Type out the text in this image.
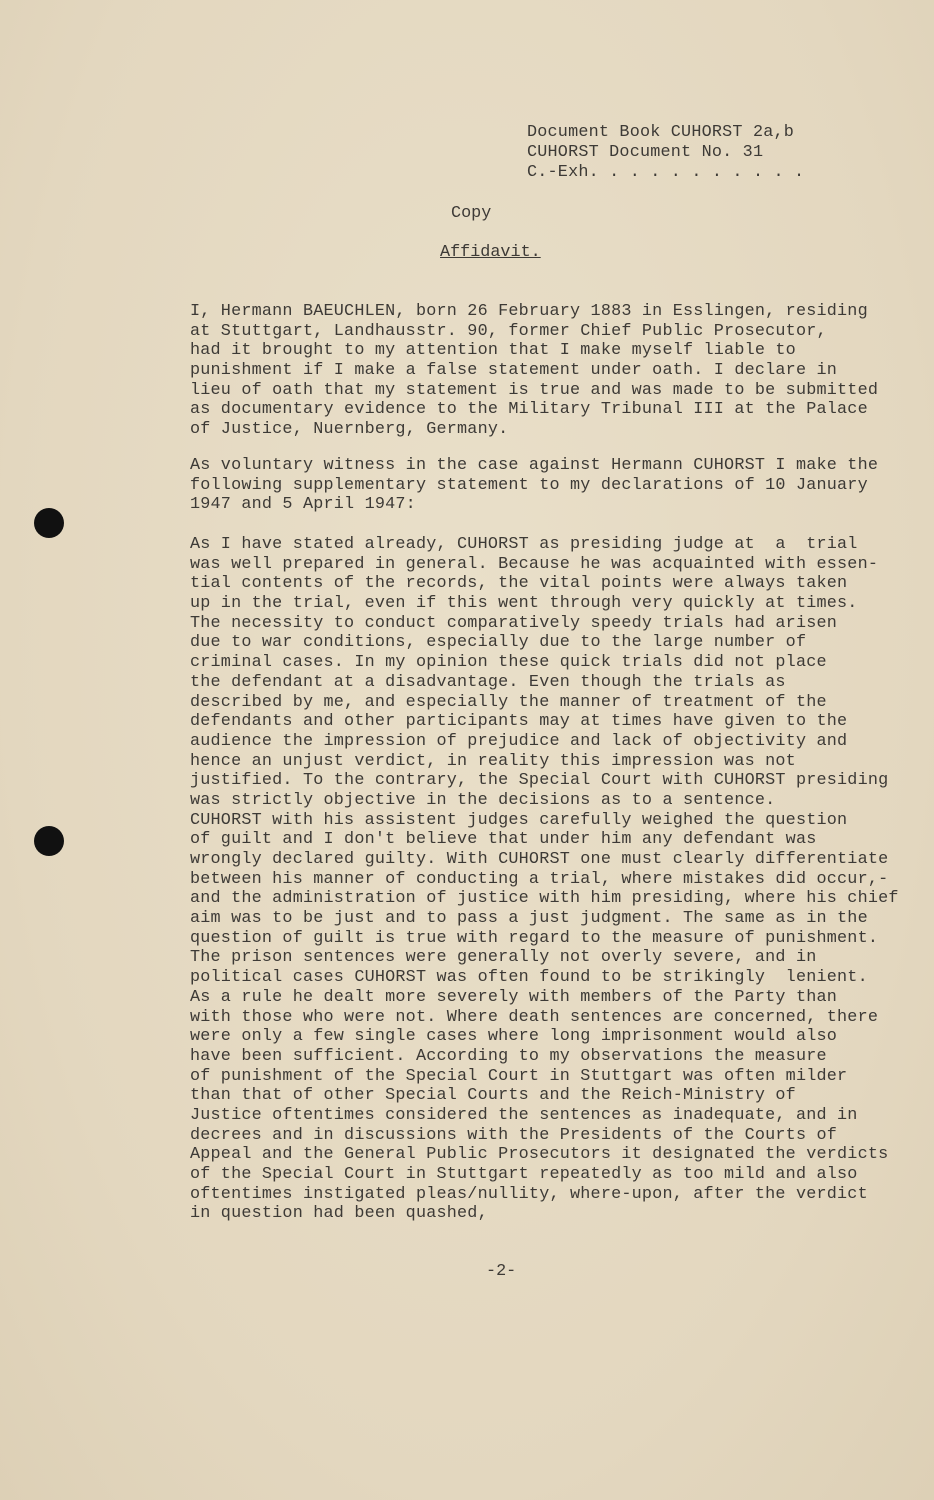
Document Book CUHORST 2a,b
CUHORST Document No. 31
C.-Exh. . . . . . . . . . .
Copy
Affidavit.
I, Hermann BAEUCHLEN, born 26 February 1883 in Esslingen, residing
at Stuttgart, Landhausstr. 90, former Chief Public Prosecutor,
had it brought to my attention that I make myself liable to
punishment if I make a false statement under oath. I declare in
lieu of oath that my statement is true and was made to be submitted
as documentary evidence to the Military Tribunal III at the Palace
of Justice, Nuernberg, Germany.
As voluntary witness in the case against Hermann CUHORST I make the
following supplementary statement to my declarations of 10 January
1947 and 5 April 1947:
As I have stated already, CUHORST as presiding judge at  a  trial
was well prepared in general. Because he was acquainted with essen-
tial contents of the records, the vital points were always taken
up in the trial, even if this went through very quickly at times.
The necessity to conduct comparatively speedy trials had arisen
due to war conditions, especially due to the large number of
criminal cases. In my opinion these quick trials did not place
the defendant at a disadvantage. Even though the trials as
described by me, and especially the manner of treatment of the
defendants and other participants may at times have given to the
audience the impression of prejudice and lack of objectivity and
hence an unjust verdict, in reality this impression was not
justified. To the contrary, the Special Court with CUHORST presiding
was strictly objective in the decisions as to a sentence.
CUHORST with his assistent judges carefully weighed the question
of guilt and I don't believe that under him any defendant was
wrongly declared guilty. With CUHORST one must clearly differentiate
between his manner of conducting a trial, where mistakes did occur,-
and the administration of justice with him presiding, where his chief
aim was to be just and to pass a just judgment. The same as in the
question of guilt is true with regard to the measure of punishment.
The prison sentences were generally not overly severe, and in
political cases CUHORST was often found to be strikingly  lenient.
As a rule he dealt more severely with members of the Party than
with those who were not. Where death sentences are concerned, there
were only a few single cases where long imprisonment would also
have been sufficient. According to my observations the measure
of punishment of the Special Court in Stuttgart was often milder
than that of other Special Courts and the Reich-Ministry of
Justice oftentimes considered the sentences as inadequate, and in
decrees and in discussions with the Presidents of the Courts of
Appeal and the General Public Prosecutors it designated the verdicts
of the Special Court in Stuttgart repeatedly as too mild and also
oftentimes instigated pleas/nullity, where-upon, after the verdict
in question had been quashed,
-2-
